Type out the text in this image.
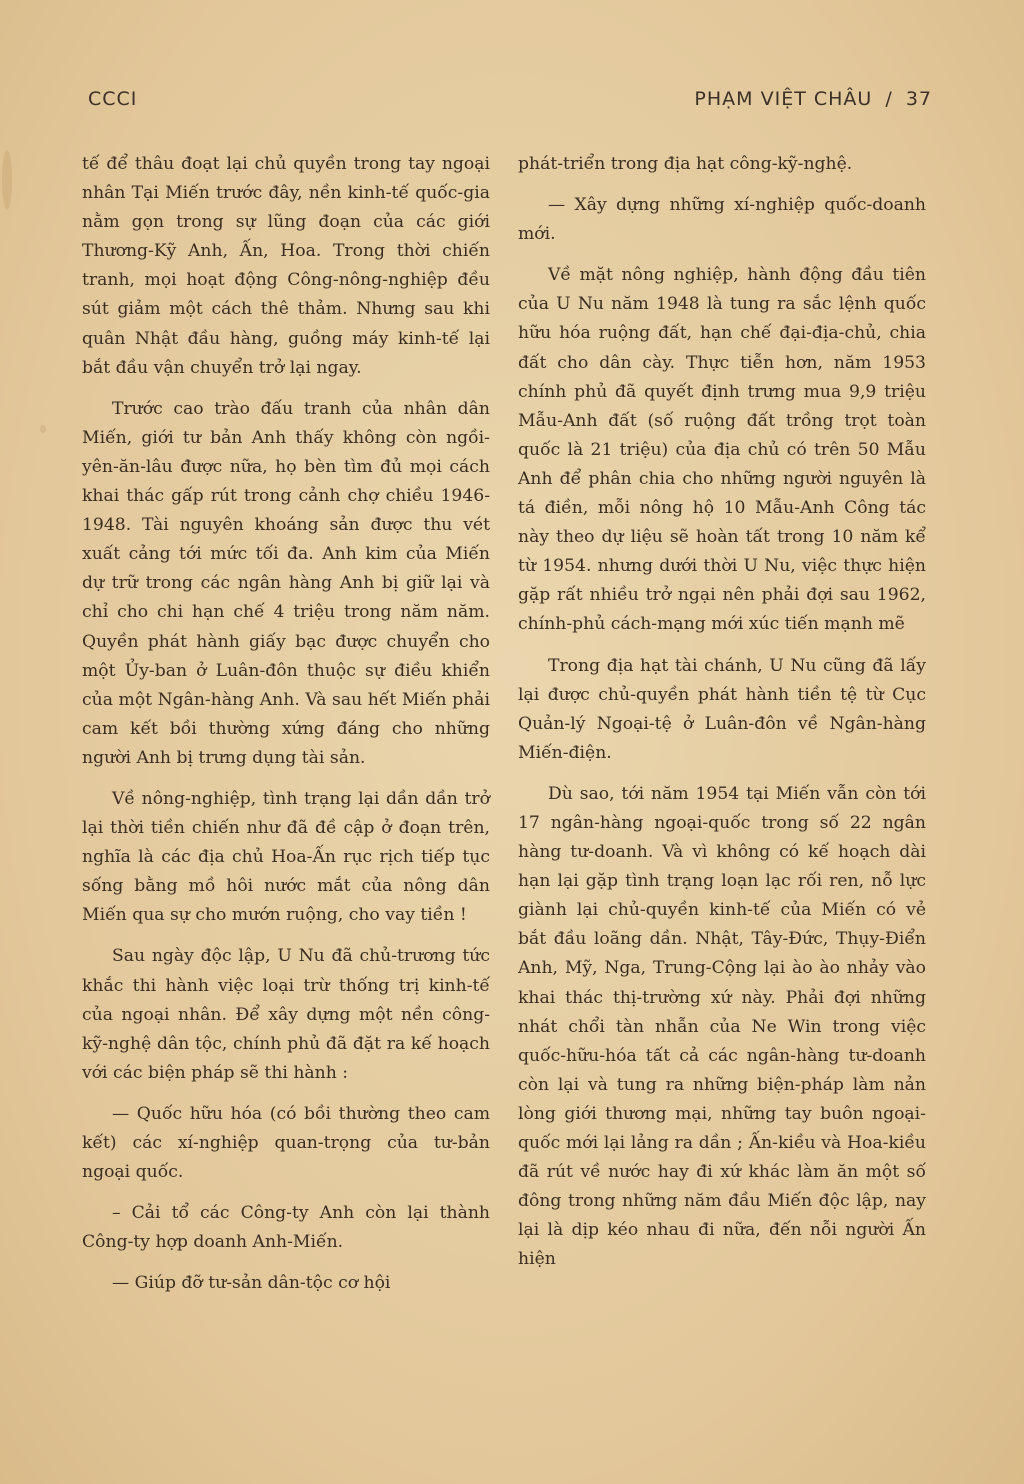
CCCI	PHẠM VIỆT CHÂU / 37

tế để thâu đoạt lại chủ quyền trong tay ngoại nhân Tại Miến trước đây, nền kinh-tế quốc-gia nằm gọn trong sự lũng đoạn của các giới Thương-Kỹ Anh, Ấn, Hoa. Trong thời chiến tranh, mọi hoạt động Công-nông-nghiệp đều sút giảm một cách thê thảm. Nhưng sau khi quân Nhật đầu hàng, guồng máy kinh-tế lại bắt đầu vận chuyển trở lại ngay.

Trước cao trào đấu tranh của nhân dân Miến, giới tư bản Anh thấy không còn ngồi-yên-ăn-lâu được nữa, họ bèn tìm đủ mọi cách khai thác gấp rút trong cảnh chợ chiều 1946-1948. Tài nguyên khoáng sản được thu vét xuất cảng tới mức tối đa. Anh kim của Miến dự trữ trong các ngân hàng Anh bị giữ lại và chỉ cho chi hạn chế 4 triệu trong năm năm. Quyền phát hành giấy bạc được chuyển cho một Ủy-ban ở Luân-đôn thuộc sự điều khiển của một Ngân-hàng Anh. Và sau hết Miến phải cam kết bồi thường xứng đáng cho những người Anh bị trưng dụng tài sản.

Về nông-nghiệp, tình trạng lại dần dần trở lại thời tiền chiến như đã đề cập ở đoạn trên, nghĩa là các địa chủ Hoa-Ấn rục rịch tiếp tục sống bằng mồ hôi nước mắt của nông dân Miến qua sự cho mướn ruộng, cho vay tiền !

Sau ngày độc lập, U Nu đã chủ-trương tức khắc thi hành việc loại trừ thống trị kinh-tế của ngoại nhân. Để xây dựng một nền công-kỹ-nghệ dân tộc, chính phủ đã đặt ra kế hoạch với các biện pháp sẽ thi hành :

— Quốc hữu hóa (có bồi thường theo cam kết) các xí-nghiệp quan-trọng của tư-bản ngoại quốc.

– Cải tổ các Công-ty Anh còn lại thành Công-ty hợp doanh Anh-Miến.

— Giúp đỡ tư-sản dân-tộc cơ hội

phát-triển trong địa hạt công-kỹ-nghệ.

— Xây dựng những xí-nghiệp quốc-doanh mới.

Về mặt nông nghiệp, hành động đầu tiên của U Nu năm 1948 là tung ra sắc lệnh quốc hữu hóa ruộng đất, hạn chế đại-địa-chủ, chia đất cho dân cày. Thực tiễn hơn, năm 1953 chính phủ đã quyết định trưng mua 9,9 triệu Mẫu-Anh đất (số ruộng đất trồng trọt toàn quốc là 21 triệu) của địa chủ có trên 50 Mẫu Anh để phân chia cho những người nguyên là tá điền, mỗi nông hộ 10 Mẫu-Anh Công tác này theo dự liệu sẽ hoàn tất trong 10 năm kể từ 1954. nhưng dưới thời U Nu, việc thực hiện gặp rất nhiều trở ngại nên phải đợi sau 1962, chính-phủ cách-mạng mới xúc tiến mạnh mẽ

Trong địa hạt tài chánh, U Nu cũng đã lấy lại được chủ-quyền phát hành tiền tệ từ Cục Quản-lý Ngoại-tệ ở Luân-đôn về Ngân-hàng Miến-điện.

Dù sao, tới năm 1954 tại Miến vẫn còn tới 17 ngân-hàng ngoại-quốc trong số 22 ngân hàng tư-doanh. Và vì không có kế hoạch dài hạn lại gặp tình trạng loạn lạc rối ren, nỗ lực giành lại chủ-quyền kinh-tế của Miến có vẻ bắt đầu loãng dần. Nhật, Tây-Đức, Thụy-Điển Anh, Mỹ, Nga, Trung-Cộng lại ào ào nhảy vào khai thác thị-trường xứ này. Phải đợi những nhát chổi tàn nhẫn của Ne Win trong việc quốc-hữu-hóa tất cả các ngân-hàng tư-doanh còn lại và tung ra những biện-pháp làm nản lòng giới thương mại, những tay buôn ngoại-quốc mới lại lảng ra dần ; Ấn-kiều và Hoa-kiều đã rút về nước hay đi xứ khác làm ăn một số đông trong những năm đầu Miến độc lập, nay lại là dịp kéo nhau đi nữa, đến nỗi người Ấn hiện
